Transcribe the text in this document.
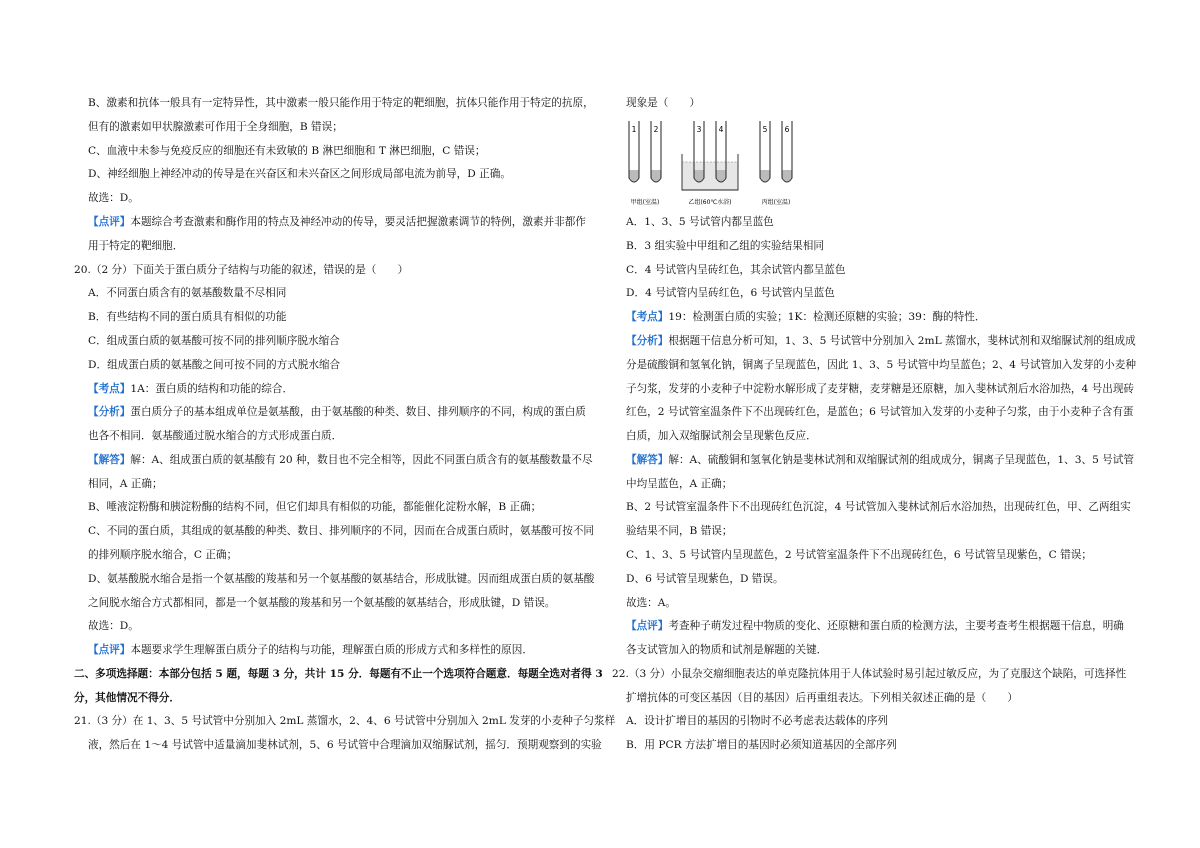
B、激素和抗体一般具有一定特异性，其中激素一般只能作用于特定的靶细胞，抗体只能作用于特定的抗原，
但有的激素如甲状腺激素可作用于全身细胞，B 错误；
C、血液中未参与免疫反应的细胞还有未致敏的 B 淋巴细胞和 T 淋巴细胞，C 错误；
D、神经细胞上神经冲动的传导是在兴奋区和未兴奋区之间形成局部电流为前导，D 正确。
故选：D。
【点评】本题综合考查激素和酶作用的特点及神经冲动的传导，要灵活把握激素调节的特例，激素并非都作
用于特定的靶细胞．
20.（2 分）下面关于蛋白质分子结构与功能的叙述，错误的是（　　）
A．不同蛋白质含有的氨基酸数量不尽相同
B．有些结构不同的蛋白质具有相似的功能
C．组成蛋白质的氨基酸可按不同的排列顺序脱水缩合
D．组成蛋白质的氨基酸之间可按不同的方式脱水缩合
【考点】1A：蛋白质的结构和功能的综合．
【分析】蛋白质分子的基本组成单位是氨基酸，由于氨基酸的种类、数目、排列顺序的不同，构成的蛋白质
也各不相同．氨基酸通过脱水缩合的方式形成蛋白质．
【解答】解：A、组成蛋白质的氨基酸有 20 种，数目也不完全相等，因此不同蛋白质含有的氨基酸数量不尽
相同，A 正确；
B、唾液淀粉酶和胰淀粉酶的结构不同，但它们却具有相似的功能，都能催化淀粉水解，B 正确；
C、不同的蛋白质，其组成的氨基酸的种类、数目、排列顺序的不同，因而在合成蛋白质时，氨基酸可按不同
的排列顺序脱水缩合，C 正确；
D、氨基酸脱水缩合是指一个氨基酸的羧基和另一个氨基酸的氨基结合，形成肽键。因而组成蛋白质的氨基酸
之间脱水缩合方式都相同，都是一个氨基酸的羧基和另一个氨基酸的氨基结合，形成肽键，D 错误。
故选：D。
【点评】本题要求学生理解蛋白质分子的结构与功能，理解蛋白质的形成方式和多样性的原因．
二、多项选择题：本部分包括 5 题，每题 3 分，共计 15 分．每题有不止一个选项符合题意．每题全选对者得 3
分，其他情况不得分．
21.（3 分）在 1、3、5 号试管中分别加入 2mL 蒸馏水，2、4、6 号试管中分别加入 2mL 发芽的小麦种子匀浆样
液，然后在 1～4 号试管中适量滴加斐林试剂，5、6 号试管中合理滴加双缩脲试剂，摇匀．预期观察到的实验
现象是（　　）
1 2	3 4	5 6
甲组(室温)	乙组(60℃水浴)	丙组(室温)
A．1、3、5 号试管内都呈蓝色
B．3 组实验中甲组和乙组的实验结果相同
C．4 号试管内呈砖红色，其余试管内都呈蓝色
D．4 号试管内呈砖红色，6 号试管内呈蓝色
【考点】19：检测蛋白质的实验；1K：检测还原糖的实验；39：酶的特性．
【分析】根据题干信息分析可知，1、3、5 号试管中分别加入 2mL 蒸馏水，斐林试剂和双缩脲试剂的组成成
分是硫酸铜和氢氧化钠，铜离子呈现蓝色，因此 1、3、5 号试管中均呈蓝色；2、4 号试管加入发芽的小麦种
子匀浆，发芽的小麦种子中淀粉水解形成了麦芽糖，麦芽糖是还原糖，加入斐林试剂后水浴加热，4 号出现砖
红色，2 号试管室温条件下不出现砖红色，是蓝色；6 号试管加入发芽的小麦种子匀浆，由于小麦种子含有蛋
白质，加入双缩脲试剂会呈现紫色反应．
【解答】解：A、硫酸铜和氢氧化钠是斐林试剂和双缩脲试剂的组成成分，铜离子呈现蓝色，1、3、5 号试管
中均呈蓝色，A 正确；
B、2 号试管室温条件下不出现砖红色沉淀，4 号试管加入斐林试剂后水浴加热，出现砖红色，甲、乙两组实
验结果不同，B 错误；
C、1、3、5 号试管内呈现蓝色，2 号试管室温条件下不出现砖红色，6 号试管呈现紫色，C 错误；
D、6 号试管呈现紫色，D 错误。
故选：A。
【点评】考查种子萌发过程中物质的变化、还原糖和蛋白质的检测方法，主要考查考生根据题干信息，明确
各支试管加入的物质和试剂是解题的关键．
22.（3 分）小鼠杂交瘤细胞表达的单克隆抗体用于人体试验时易引起过敏反应，为了克服这个缺陷，可选择性
扩增抗体的可变区基因（目的基因）后再重组表达。下列相关叙述正确的是（　　）
A．设计扩增目的基因的引物时不必考虑表达载体的序列
B．用 PCR 方法扩增目的基因时必须知道基因的全部序列
